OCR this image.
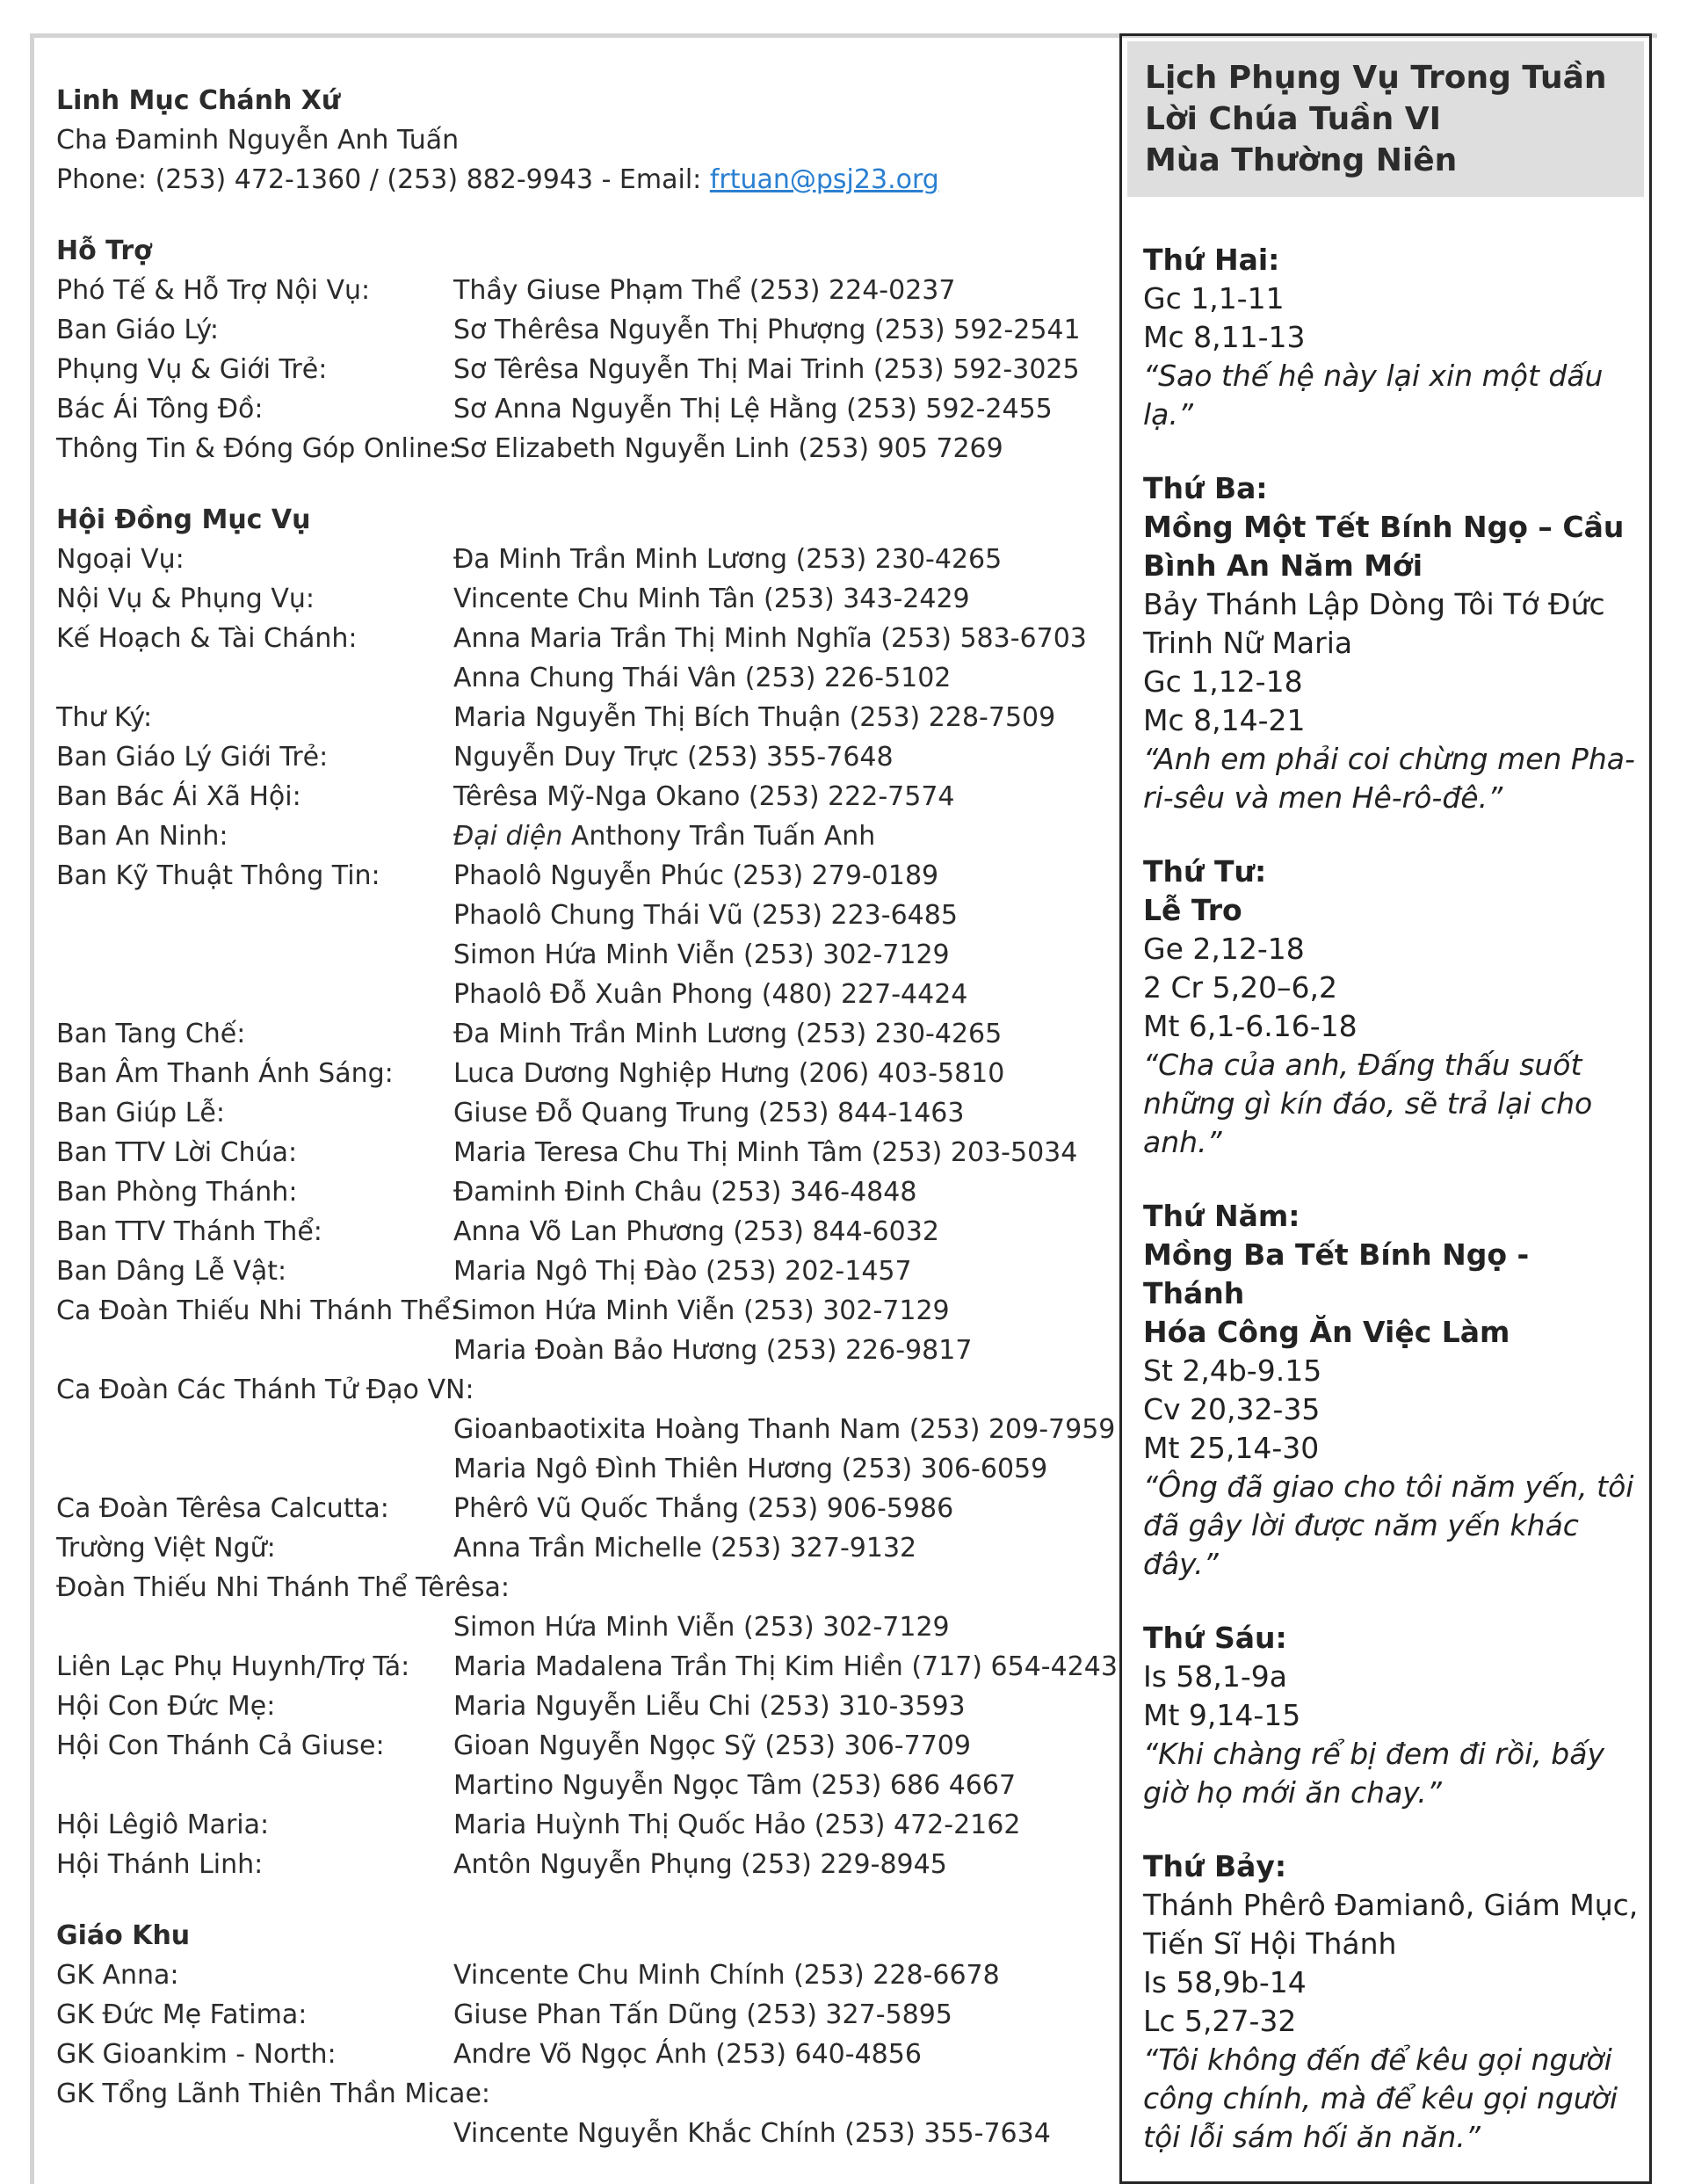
Linh Mục Chánh Xứ
Cha Đaminh Nguyễn Anh Tuấn
Phone: (253) 472-1360 / (253) 882-9943 - Email: frtuan@psj23.org
Hỗ Trợ
Phó Tế & Hỗ Trợ Nội Vụ:	Thầy Giuse Phạm Thể (253) 224-0237
Ban Giáo Lý:	Sơ Thêrêsa Nguyễn Thị Phượng (253) 592-2541
Phụng Vụ & Giới Trẻ:	Sơ Têrêsa Nguyễn Thị Mai Trinh (253) 592-3025
Bác Ái Tông Đồ:	Sơ Anna Nguyễn Thị Lệ Hằng (253) 592-2455
Thông Tin & Đóng Góp Online:
Sơ Elizabeth Nguyễn Linh (253) 905 7269
Hội Đồng Mục Vụ
Ngoại Vụ:	Đa Minh Trần Minh Lương (253) 230-4265
Nội Vụ & Phụng Vụ:	Vincente Chu Minh Tân (253) 343-2429
Kế Hoạch & Tài Chánh:	Anna Maria Trần Thị Minh Nghĩa (253) 583-6703
Anna Chung Thái Vân (253) 226-5102
Thư Ký:	Maria Nguyễn Thị Bích Thuận (253) 228-7509
Ban Giáo Lý Giới Trẻ:	Nguyễn Duy Trực (253) 355-7648
Ban Bác Ái Xã Hội:	Têrêsa Mỹ-Nga Okano (253) 222-7574
Ban An Ninh:	Đại diện Anthony Trần Tuấn Anh
Ban Kỹ Thuật Thông Tin:	Phaolô Nguyễn Phúc (253) 279-0189
Phaolô Chung Thái Vũ (253) 223-6485
Simon Hứa Minh Viễn (253) 302-7129
Phaolô Đỗ Xuân Phong (480) 227-4424
Ban Tang Chế:	Đa Minh Trần Minh Lương (253) 230-4265
Ban Âm Thanh Ánh Sáng:	Luca Dương Nghiệp Hưng (206) 403-5810
Ban Giúp Lễ:	Giuse Đỗ Quang Trung (253) 844-1463
Ban TTV Lời Chúa:	Maria Teresa Chu Thị Minh Tâm (253) 203-5034
Ban Phòng Thánh:	Đaminh Đinh Châu (253) 346-4848
Ban TTV Thánh Thể:	Anna Võ Lan Phương (253) 844-6032
Ban Dâng Lễ Vật:	Maria Ngô Thị Đào (253) 202-1457
Ca Đoàn Thiếu Nhi Thánh Thể:
Simon Hứa Minh Viễn (253) 302-7129
Maria Đoàn Bảo Hương (253) 226-9817
Ca Đoàn Các Thánh Tử Đạo VN:
Gioanbaotixita Hoàng Thanh Nam (253) 209-7959
Maria Ngô Đình Thiên Hương (253) 306-6059
Ca Đoàn Têrêsa Calcutta:	Phêrô Vũ Quốc Thắng (253) 906-5986
Trường Việt Ngữ:	Anna Trần Michelle (253) 327-9132
Đoàn Thiếu Nhi Thánh Thể Têrêsa:
Simon Hứa Minh Viễn (253) 302-7129
Liên Lạc Phụ Huynh/Trợ Tá:	Maria Madalena Trần Thị Kim Hiền (717) 654-4243
Hội Con Đức Mẹ:	Maria Nguyễn Liễu Chi (253) 310-3593
Hội Con Thánh Cả Giuse:	Gioan Nguyễn Ngọc Sỹ (253) 306-7709
Martino Nguyễn Ngọc Tâm (253) 686 4667
Hội Lêgiô Maria:	Maria Huỳnh Thị Quốc Hảo (253) 472-2162
Hội Thánh Linh:	Antôn Nguyễn Phụng (253) 229-8945
Giáo Khu
GK Anna:	Vincente Chu Minh Chính (253) 228-6678
GK Đức Mẹ Fatima:	Giuse Phan Tấn Dũng (253) 327-5895
GK Gioankim - North:	Andre Võ Ngọc Ánh (253) 640-4856
GK Tổng Lãnh Thiên Thần Micae:
Vincente Nguyễn Khắc Chính (253) 355-7634
Lịch Phụng Vụ Trong Tuần
Lời Chúa Tuần VI
Mùa Thường Niên
Thứ Hai:
Gc 1,1-11
Mc 8,11-13
“Sao thế hệ này lại xin một dấu lạ.”
Thứ Ba:
Mồng Một Tết Bính Ngọ – Cầu
Bình An Năm Mới
Bảy Thánh Lập Dòng Tôi Tớ Đức
Trinh Nữ Maria
Gc 1,12-18
Mc 8,14-21
“Anh em phải coi chừng men Pha-ri-sêu và men Hê-rô-đê.”
Thứ Tư:
Lễ Tro
Ge 2,12-18
2 Cr 5,20–6,2
Mt 6,1-6.16-18
“Cha của anh, Đấng thấu suốt những gì kín đáo, sẽ trả lại cho anh.”
Thứ Năm:
Mồng Ba Tết Bính Ngọ - Thánh
Hóa Công Ăn Việc Làm
St 2,4b-9.15
Cv 20,32-35
Mt 25,14-30
“Ông đã giao cho tôi năm yến, tôi đã gây lời được năm yến khác đây.”
Thứ Sáu:
Is 58,1-9a
Mt 9,14-15
“Khi chàng rể bị đem đi rồi, bấy giờ họ mới ăn chay.”
Thứ Bảy:
Thánh Phêrô Đamianô, Giám Mục,
Tiến Sĩ Hội Thánh
Is 58,9b-14
Lc 5,27-32
“Tôi không đến để kêu gọi người công chính, mà để kêu gọi người tội lỗi sám hối ăn năn.”
